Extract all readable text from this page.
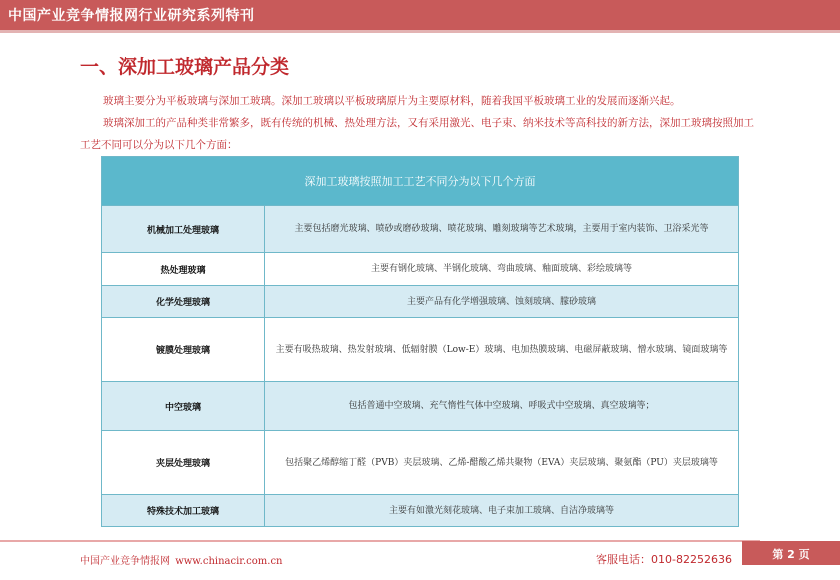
中国产业竞争情报网行业研究系列特刊
一、深加工玻璃产品分类

玻璃主要分为平板玻璃与深加工玻璃。深加工玻璃以平板玻璃原片为主要原材料，随着我国平板玻璃工业的发展而逐渐兴起。

玻璃深加工的产品种类非常繁多，既有传统的机械、热处理方法，又有采用激光、电子束、纳米技术等高科技的新方法，深加工玻璃按照加工工艺不同可以分为以下几个方面：

深加工玻璃按照加工工艺不同分为以下几个方面	
机械加工处理玻璃	主要包括磨光玻璃、喷砂或磨砂玻璃、喷花玻璃、雕刻玻璃等艺术玻璃，主要用于室内装饰、卫浴采光等
热处理玻璃	主要有钢化玻璃、半钢化玻璃、弯曲玻璃、釉面玻璃、彩绘玻璃等
化学处理玻璃	主要产品有化学增强玻璃、蚀刻玻璃、朦砂玻璃
镀膜处理玻璃	主要有吸热玻璃、热发射玻璃、低辐射膜（Low-E）玻璃、电加热膜玻璃、电磁屏蔽玻璃、憎水玻璃、镜面玻璃等
中空玻璃	包括普通中空玻璃、充气惰性气体中空玻璃、呼吸式中空玻璃、真空玻璃等；
夹层处理玻璃	包括聚乙烯醇缩丁醛（PVB）夹层玻璃、乙烯-醋酸乙烯共聚物（EVA）夹层玻璃、聚氨酯（PU）夹层玻璃等
特殊技术加工玻璃	主要有如激光刻花玻璃、电子束加工玻璃、自洁净玻璃等
中国产业竞争情报网 www.chinacir.com.cn	客服电话：010-82252636	第 2 页
